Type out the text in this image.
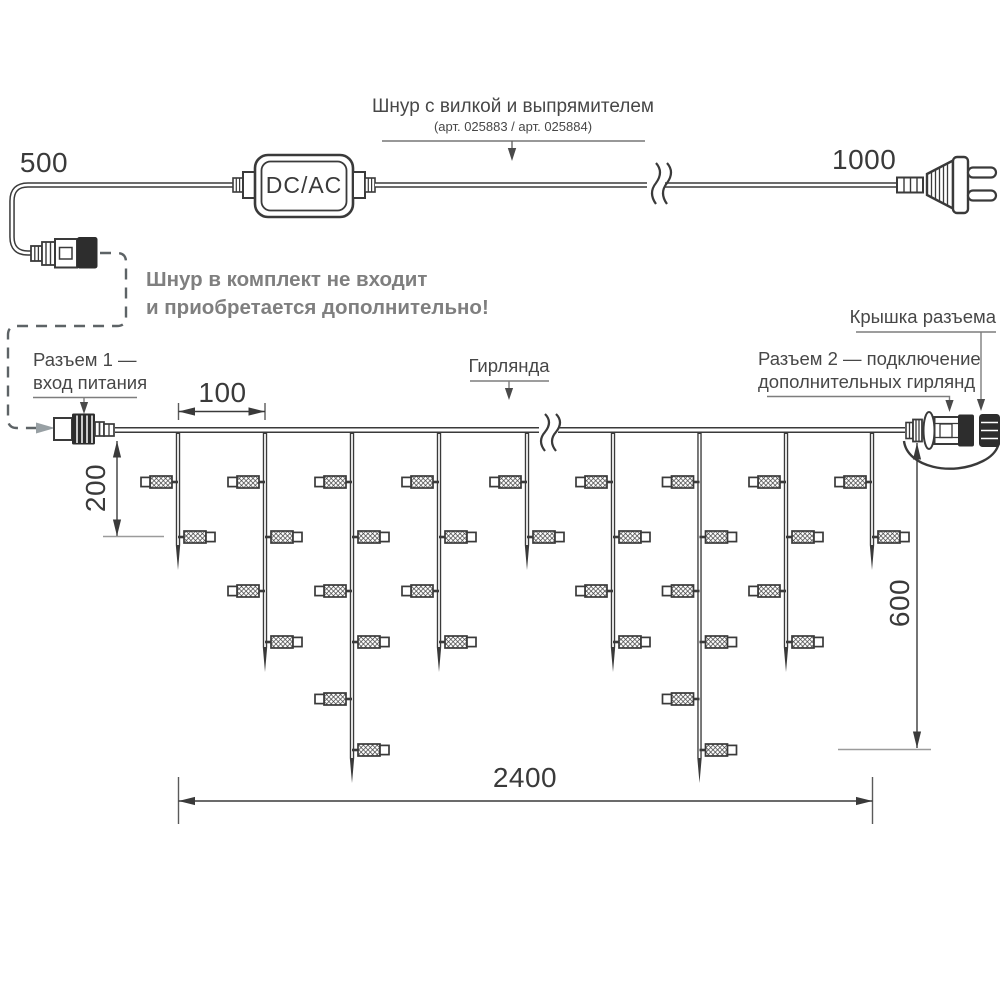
500	1000
Шнур с вилкой и выпрямителем
(арт. 025883 / арт. 025884)
DC/AC
Шнур в комплект не входит
и приобретается дополнительно!
Разъем 1 —
вход питания 100
200
Гирлянда
Крышка разъема
Разъем 2 — подключение
дополнительных гирлянд
600
2400
